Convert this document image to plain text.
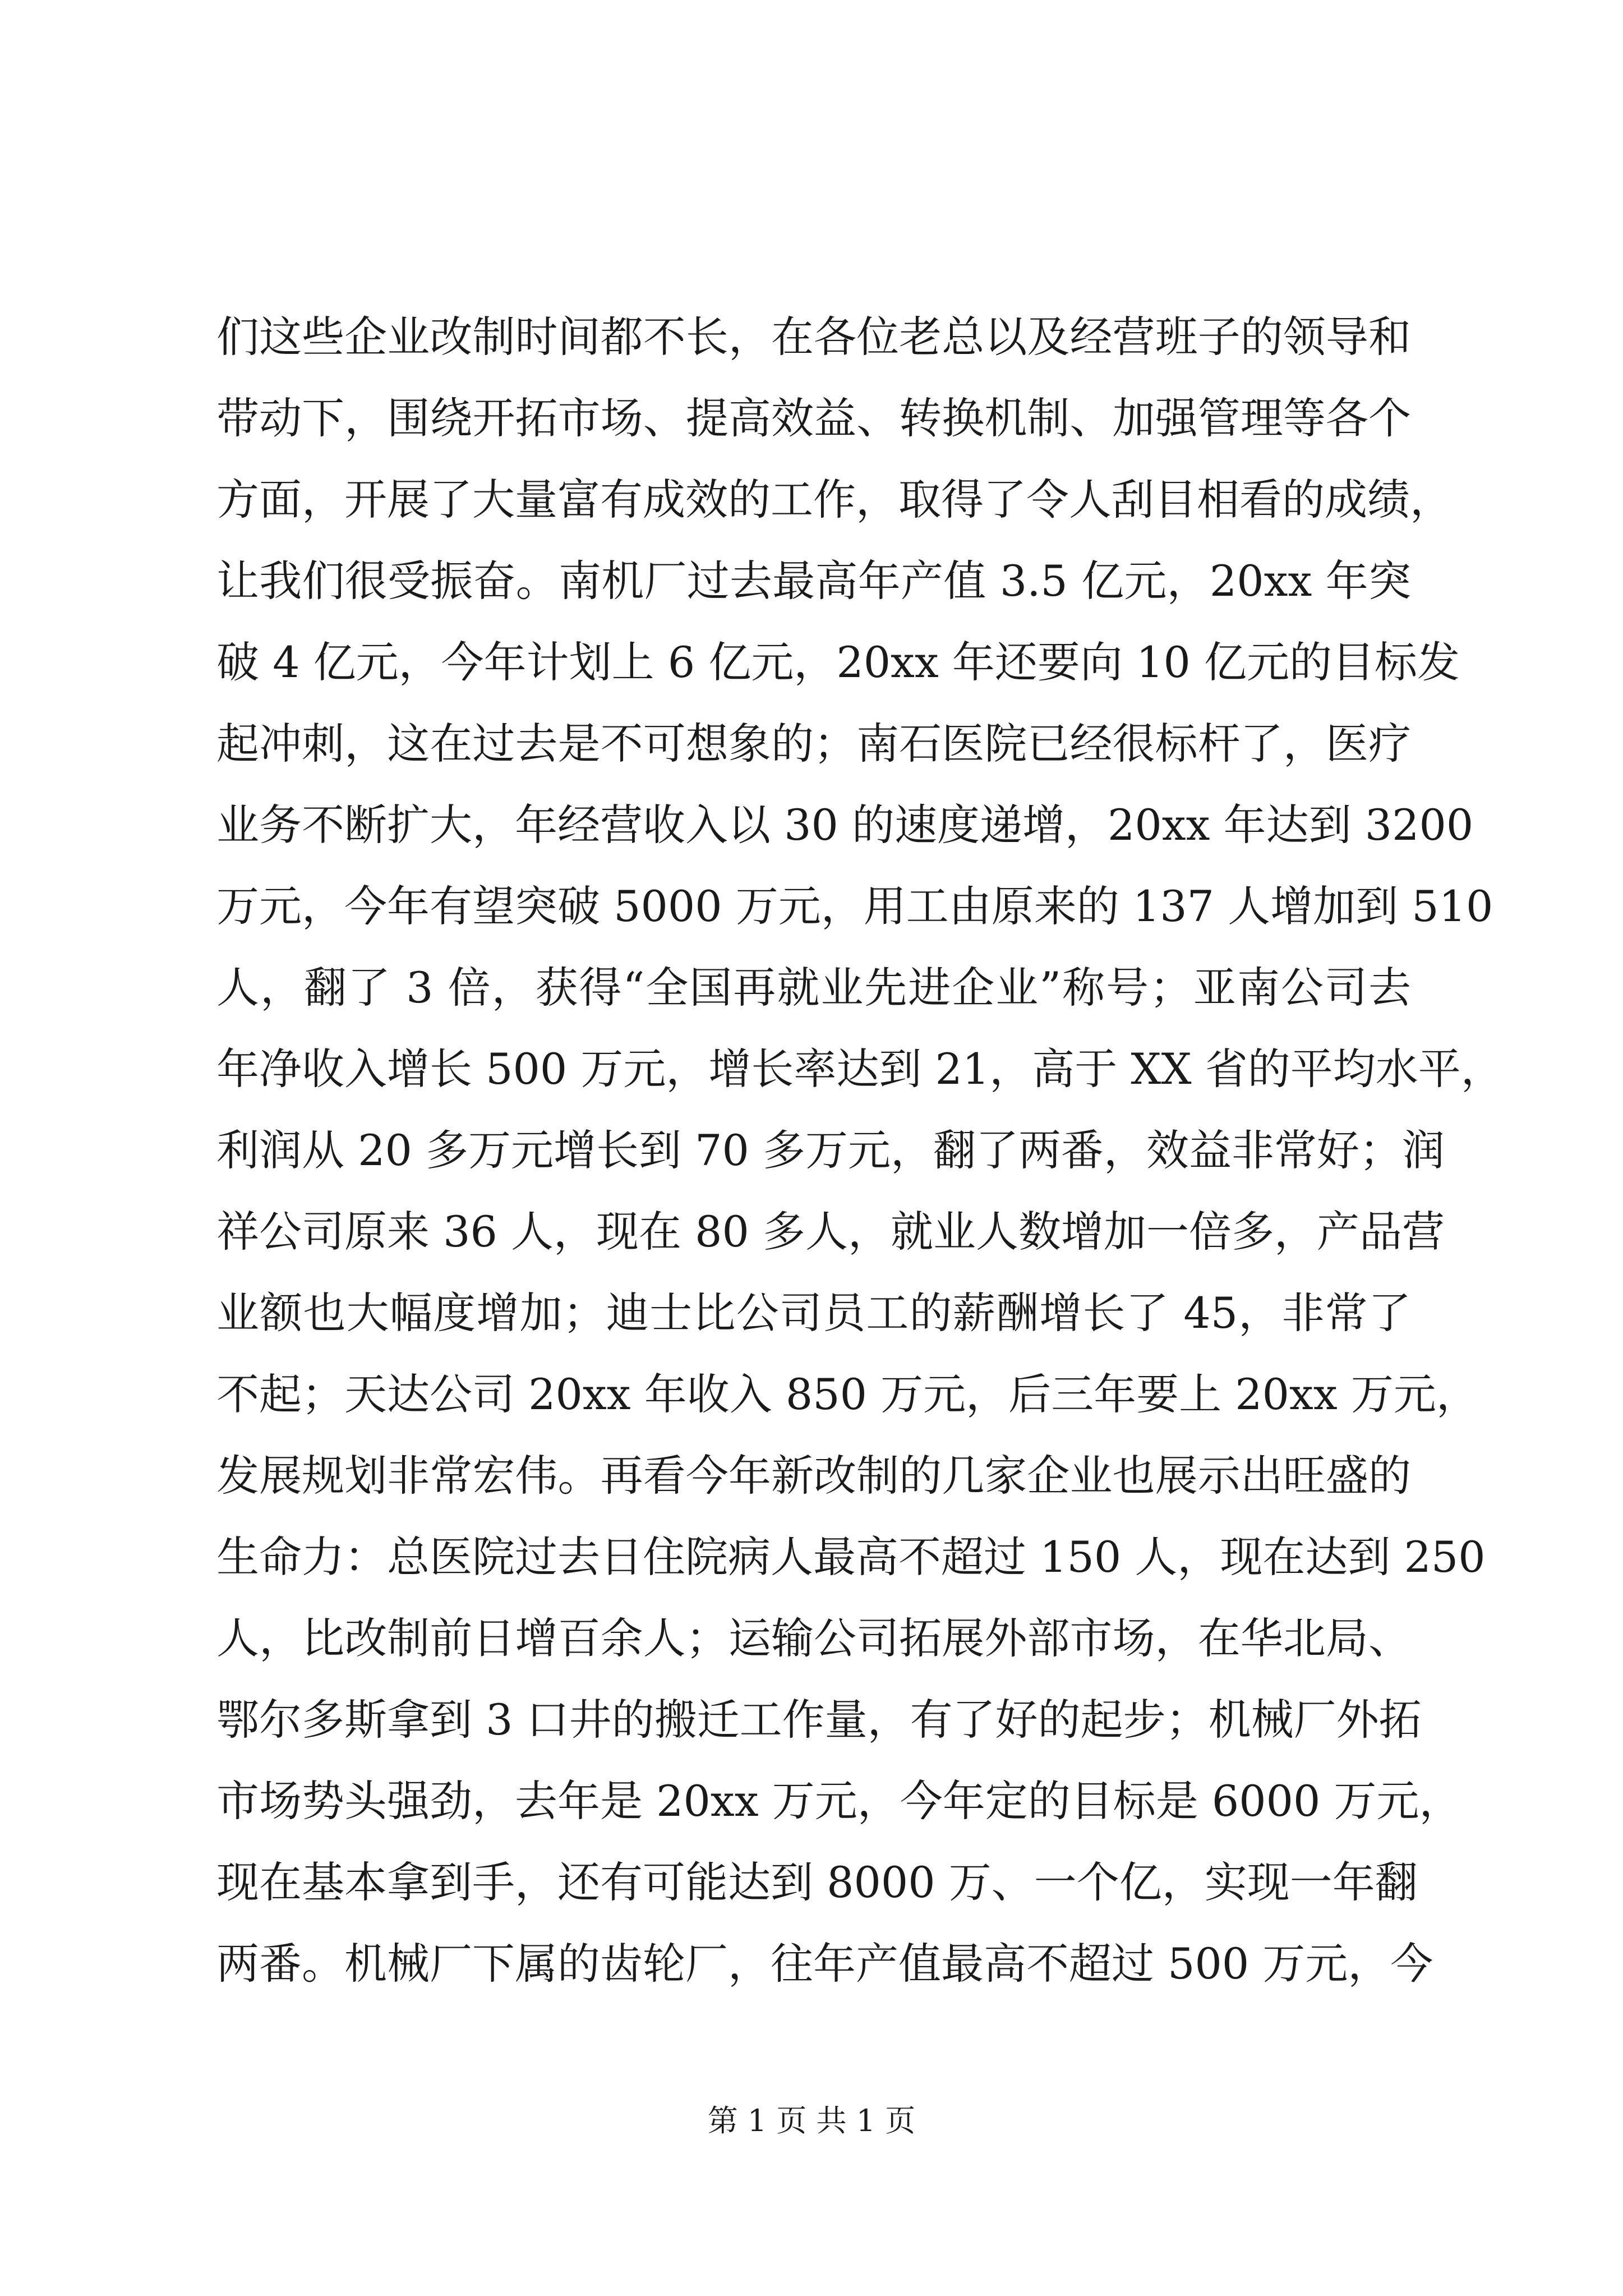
们这些企业改制时间都不长，在各位老总以及经营班子的领导和
带动下，围绕开拓市场、提高效益、转换机制、加强管理等各个
方面，开展了大量富有成效的工作，取得了令人刮目相看的成绩，
让我们很受振奋。南机厂过去最高年产值 3.5 亿元，20xx 年突
破 4 亿元，今年计划上 6 亿元，20xx 年还要向 10 亿元的目标发
起冲刺，这在过去是不可想象的；南石医院已经很标杆了，医疗
业务不断扩大，年经营收入以 30 的速度递增，20xx 年达到 3200
万元，今年有望突破 5000 万元，用工由原来的 137 人增加到 510
人，翻了 3 倍，获得“全国再就业先进企业”称号；亚南公司去
年净收入增长 500 万元，增长率达到 21，高于 XX 省的平均水平，
利润从 20 多万元增长到 70 多万元，翻了两番，效益非常好；润
祥公司原来 36 人，现在 80 多人，就业人数增加一倍多，产品营
业额也大幅度增加；迪士比公司员工的薪酬增长了 45，非常了
不起；天达公司 20xx 年收入 850 万元，后三年要上 20xx 万元，
发展规划非常宏伟。再看今年新改制的几家企业也展示出旺盛的
生命力：总医院过去日住院病人最高不超过 150 人，现在达到 250
人，比改制前日增百余人；运输公司拓展外部市场，在华北局、
鄂尔多斯拿到 3 口井的搬迁工作量，有了好的起步；机械厂外拓
市场势头强劲，去年是 20xx 万元，今年定的目标是 6000 万元，
现在基本拿到手，还有可能达到 8000 万、一个亿，实现一年翻
两番。机械厂下属的齿轮厂，往年产值最高不超过 500 万元，今
第 1 页 共 1 页
